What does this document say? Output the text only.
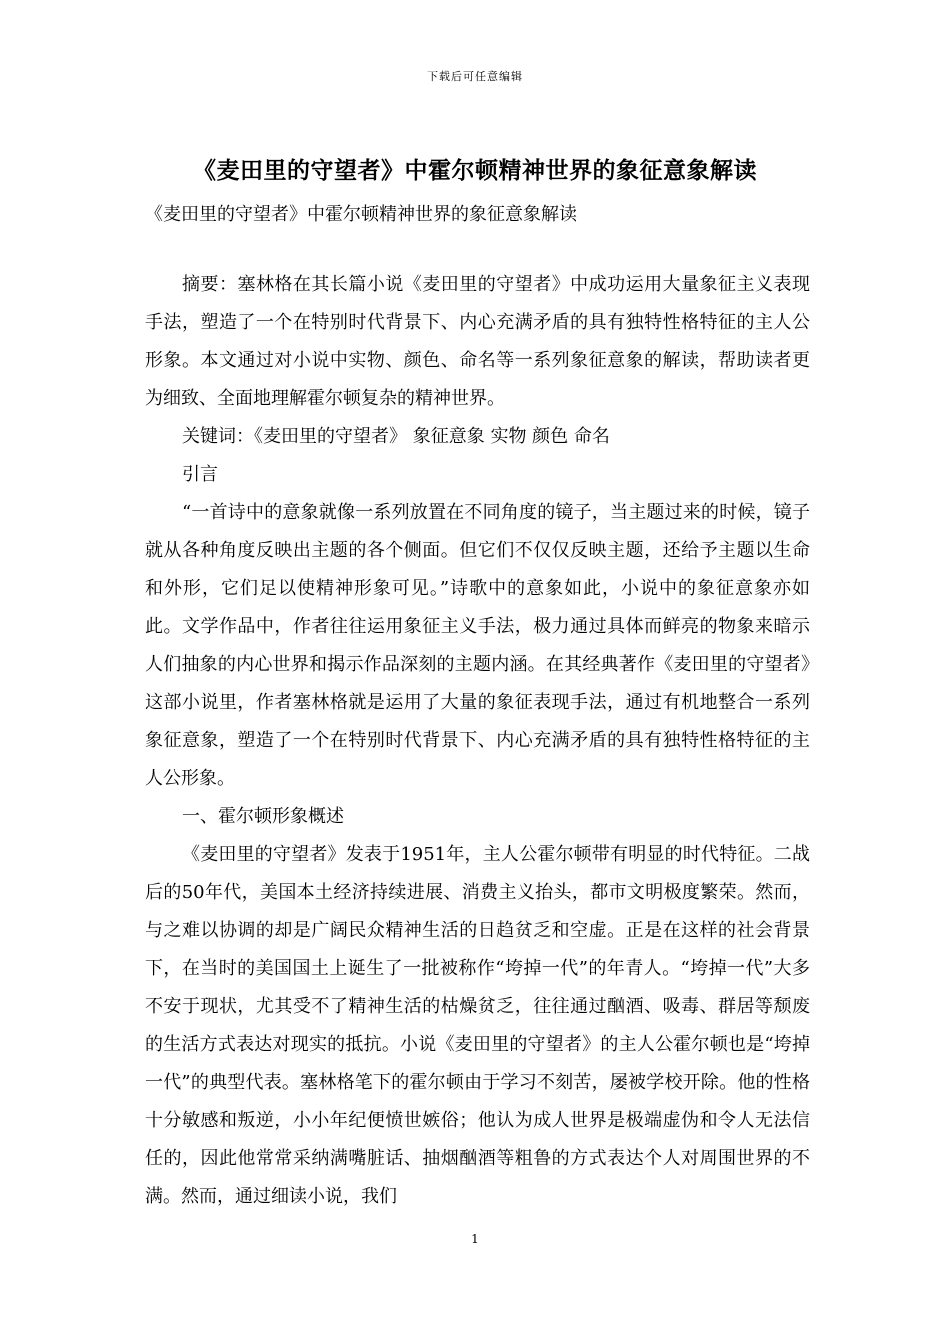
下载后可任意编辑
《麦田里的守望者》中霍尔顿精神世界的象征意象解读
《麦田里的守望者》中霍尔顿精神世界的象征意象解读

摘要：塞林格在其长篇小说《麦田里的守望者》中成功运用大量象征主义表现手法，塑造了一个在特别时代背景下、内心充满矛盾的具有独特性格特征的主人公形象。本文通过对小说中实物、颜色、命名等一系列象征意象的解读，帮助读者更为细致、全面地理解霍尔顿复杂的精神世界。

关键词：《麦田里的守望者》 象征意象 实物 颜色 命名

引言

“一首诗中的意象就像一系列放置在不同角度的镜子，当主题过来的时候，镜子就从各种角度反映出主题的各个侧面。但它们不仅仅反映主题，还给予主题以生命和外形，它们足以使精神形象可见。”诗歌中的意象如此，小说中的象征意象亦如此。文学作品中，作者往往运用象征主义手法，极力通过具体而鲜亮的物象来暗示人们抽象的内心世界和揭示作品深刻的主题内涵。在其经典著作《麦田里的守望者》这部小说里，作者塞林格就是运用了大量的象征表现手法，通过有机地整合一系列象征意象，塑造了一个在特别时代背景下、内心充满矛盾的具有独特性格特征的主人公形象。

一、霍尔顿形象概述

《麦田里的守望者》发表于1951年，主人公霍尔顿带有明显的时代特征。二战后的50年代，美国本土经济持续进展、消费主义抬头，都市文明极度繁荣。然而，与之难以协调的却是广阔民众精神生活的日趋贫乏和空虚。正是在这样的社会背景下，在当时的美国国土上诞生了一批被称作“垮掉一代”的年青人。“垮掉一代”大多不安于现状，尤其受不了精神生活的枯燥贫乏，往往通过酗酒、吸毒、群居等颓废的生活方式表达对现实的抵抗。小说《麦田里的守望者》的主人公霍尔顿也是“垮掉一代”的典型代表。塞林格笔下的霍尔顿由于学习不刻苦，屡被学校开除。他的性格十分敏感和叛逆，小小年纪便愤世嫉俗；他认为成人世界是极端虚伪和令人无法信任的，因此他常常采纳满嘴脏话、抽烟酗酒等粗鲁的方式表达个人对周围世界的不满。然而，通过细读小说，我们

1
